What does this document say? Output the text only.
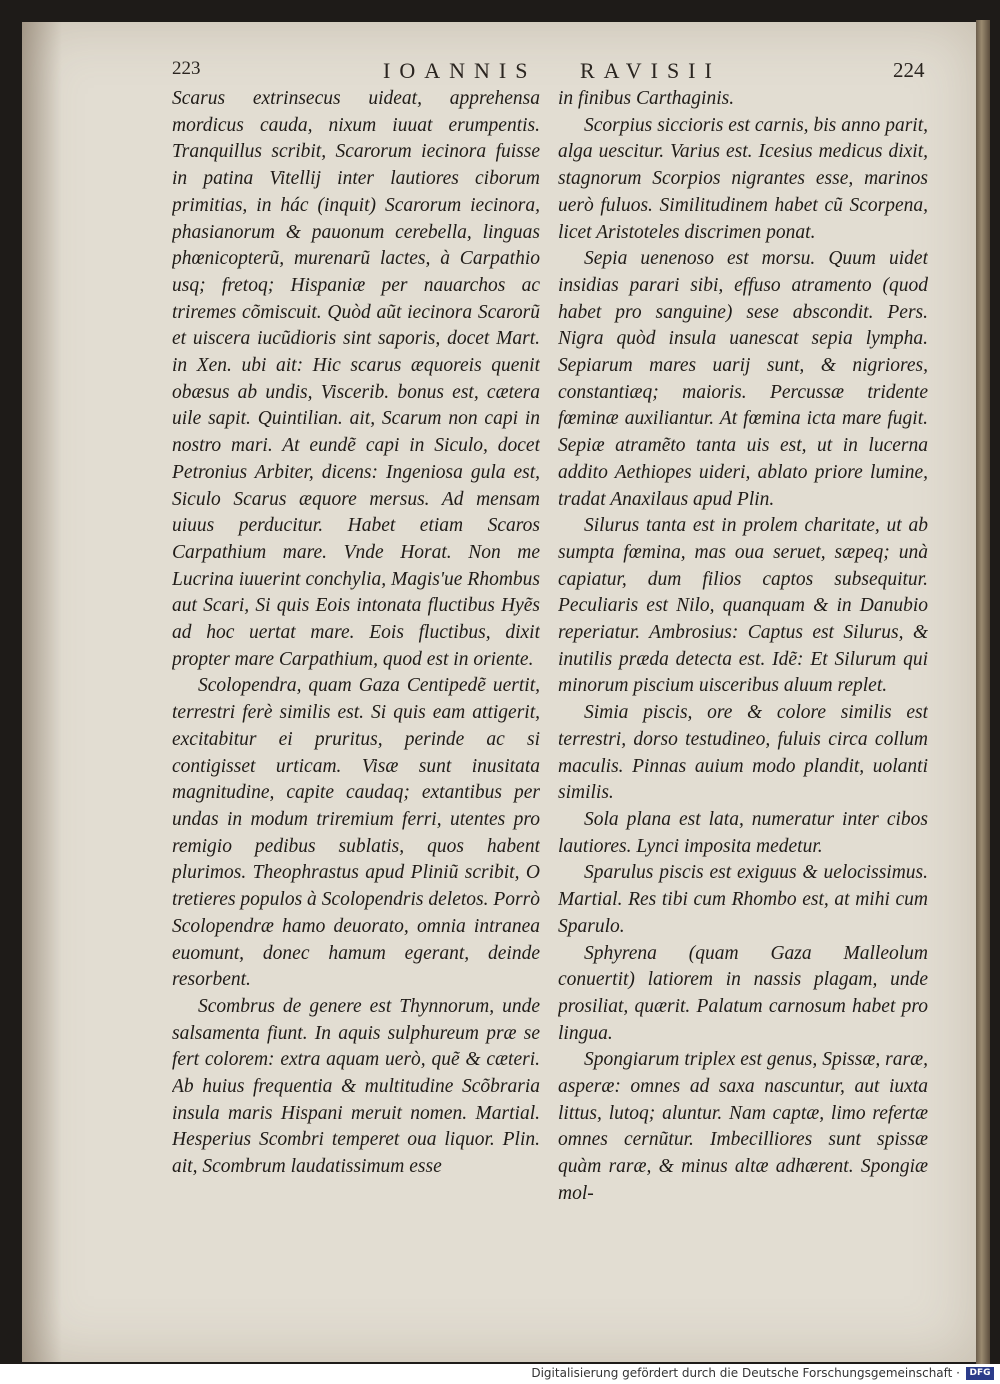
223	IOANNIS RAVISII	224

Scarus extrinsecus uideat, apprehensa mordicus cauda, nixum iuuat erumpentis. Tranquillus scribit, Scarorum iecinora fuisse in patina Vitellij inter lautiores ciborum primitias, in hác (inquit) Scarorum iecinora, phasianorum & pauonum cerebella, linguas phœnicopterũ, murenarũ lactes, à Carpathio usq; fretoq; Hispaniæ per nauarchos ac triremes cõmiscuit. Quòd aũt iecinora Scarorũ et uiscera iucũdioris sint saporis, docet Mart. in Xen. ubi ait: Hic scarus æquoreis quenit obæsus ab undis, Viscerib. bonus est, cætera uile sapit. Quintilian. ait, Scarum non capi in nostro mari. At eundẽ capi in Siculo, docet Petronius Arbiter, dicens: Ingeniosa gula est, Siculo Scarus æquore mersus. Ad mensam uiuus perducitur. Habet etiam Scaros Carpathium mare. Vnde Horat. Non me Lucrina iuuerint conchylia, Magis'ue Rhombus aut Scari, Si quis Eois intonata fluctibus Hyẽs ad hoc uertat mare. Eois fluctibus, dixit propter mare Carpathium, quod est in oriente.

Scolopendra, quam Gaza Centipedẽ uertit, terrestri ferè similis est. Si quis eam attigerit, excitabitur ei pruritus, perinde ac si contigisset urticam. Visæ sunt inusitata magnitudine, capite caudaq; extantibus per undas in modum triremium ferri, utentes pro remigio pedibus sublatis, quos habent plurimos. Theophrastus apud Pliniũ scribit, O tretieres populos à Scolopendris deletos. Porrò Scolopendræ hamo deuorato, omnia intranea euomunt, donec hamum egerant, deinde resorbent.

Scombrus de genere est Thynnorum, unde salsamenta fiunt. In aquis sulphureum præ se fert colorem: extra aquam uerò, quẽ & cæteri. Ab huius frequentia & multitudine Scõbraria insula maris Hispani meruit nomen. Martial. Hesperius Scombri temperet oua liquor. Plin. ait, Scombrum laudatissimum esse

in finibus Carthaginis.

Scorpius siccioris est carnis, bis anno parit, alga uescitur. Varius est. Icesius medicus dixit, stagnorum Scorpios nigrantes esse, marinos uerò fuluos. Similitudinem habet cũ Scorpena, licet Aristoteles discrimen ponat.

Sepia uenenoso est morsu. Quum uidet insidias parari sibi, effuso atramento (quod habet pro sanguine) sese abscondit. Pers. Nigra quòd insula uanescat sepia lympha. Sepiarum mares uarij sunt, & nigriores, constantiæq; maioris. Percussæ tridente fœminæ auxiliantur. At fœmina icta mare fugit. Sepiæ atramẽto tanta uis est, ut in lucerna addito Aethiopes uideri, ablato priore lumine, tradat Anaxilaus apud Plin.

Silurus tanta est in prolem charitate, ut ab sumpta fœmina, mas oua seruet, sæpeq; unà capiatur, dum filios captos subsequitur. Peculiaris est Nilo, quanquam & in Danubio reperiatur. Ambrosius: Captus est Silurus, & inutilis præda detecta est. Idẽ: Et Silurum qui minorum piscium uisceribus aluum replet.

Simia piscis, ore & colore similis est terrestri, dorso testudineo, fuluis circa collum maculis. Pinnas auium modo plandit, uolanti similis.

Sola plana est lata, numeratur inter cibos lautiores. Lynci imposita medetur.

Sparulus piscis est exiguus & uelocissimus. Martial. Res tibi cum Rhombo est, at mihi cum Sparulo.

Sphyrena (quam Gaza Malleolum conuertit) latiorem in nassis plagam, unde prosiliat, quærit. Palatum carnosum habet pro lingua.

Spongiarum triplex est genus, Spissæ, raræ, asperæ: omnes ad saxa nascuntur, aut iuxta littus, lutoq; aluntur. Nam captæ, limo refertæ omnes cernũtur. Imbecilliores sunt spissæ quàm raræ, & minus altæ adhærent. Spongiæ mol-

Digitalisierung gefördert durch die Deutsche Forschungsgemeinschaft ·	DFG
